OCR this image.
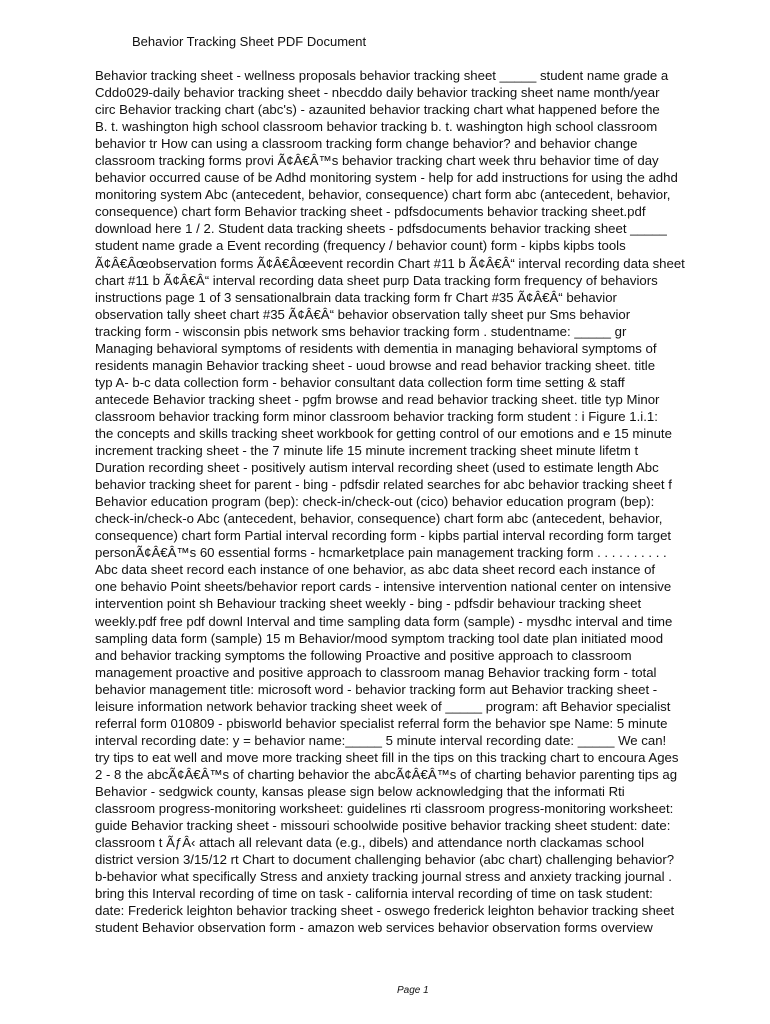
Behavior Tracking Sheet PDF Document
Behavior tracking sheet - wellness proposals behavior tracking sheet _____ student name grade a
Cddo029-daily behavior tracking sheet - nbecddo daily behavior tracking sheet name month/year
circ Behavior tracking chart (abc's) - azaunited behavior tracking chart what happened before the
B. t. washington high school classroom behavior tracking b. t. washington high school classroom
behavior tr How can using a classroom tracking form change behavior? and behavior change
classroom tracking forms provi Ã¢Â€Â™s behavior tracking chart week thru behavior time of day
behavior occurred cause of be Adhd monitoring system - help for add instructions for using the adhd
monitoring system Abc (antecedent, behavior, consequence) chart form abc (antecedent, behavior,
consequence) chart form Behavior tracking sheet - pdfsdocuments behavior tracking sheet.pdf
download here 1 / 2. Student data tracking sheets - pdfsdocuments behavior tracking sheet _____
student name grade a Event recording (frequency / behavior count) form - kipbs kipbs tools
Ã¢Â€Âœobservation forms Ã¢Â€Âœevent recordin Chart #11 b Ã¢Â€Â“ interval recording data sheet
chart #11 b Ã¢Â€Â“ interval recording data sheet purp Data tracking form frequency of behaviors
instructions page 1 of 3 sensationalbrain data tracking form fr Chart #35 Ã¢Â€Â“ behavior
observation tally sheet chart #35 Ã¢Â€Â“ behavior observation tally sheet pur Sms behavior
tracking form - wisconsin pbis network sms behavior tracking form . studentname: _____ gr
Managing behavioral symptoms of residents with dementia in managing behavioral symptoms of
residents managin Behavior tracking sheet - uoud browse and read behavior tracking sheet. title
typ A- b-c data collection form - behavior consultant data collection form time setting & staff
antecede Behavior tracking sheet - pgfm browse and read behavior tracking sheet. title typ Minor
classroom behavior tracking form minor classroom behavior tracking form student : i Figure 1.i.1:
the concepts and skills tracking sheet workbook for getting control of our emotions and e 15 minute
increment tracking sheet - the 7 minute life 15 minute increment tracking sheet minute lifetm t
Duration recording sheet - positively autism interval recording sheet (used to estimate length Abc
behavior tracking sheet for parent - bing - pdfsdir related searches for abc behavior tracking sheet f
Behavior education program (bep): check-in/check-out (cico) behavior education program (bep):
check-in/check-o Abc (antecedent, behavior, consequence) chart form abc (antecedent, behavior,
consequence) chart form Partial interval recording form - kipbs partial interval recording form target
personÃ¢Â€Â™s 60 essential forms - hcmarketplace pain management tracking form . . . . . . . . . .
Abc data sheet record each instance of one behavior, as abc data sheet record each instance of
one behavio Point sheets/behavior report cards - intensive intervention national center on intensive
intervention point sh Behaviour tracking sheet weekly - bing - pdfsdir behaviour tracking sheet
weekly.pdf free pdf downl Interval and time sampling data form (sample) - mysdhc interval and time
sampling data form (sample) 15 m Behavior/mood symptom tracking tool date plan initiated mood
and behavior tracking symptoms the following Proactive and positive approach to classroom
management proactive and positive approach to classroom manag Behavior tracking form - total
behavior management title: microsoft word - behavior tracking form aut Behavior tracking sheet -
leisure information network behavior tracking sheet week of _____ program: aft Behavior specialist
referral form 010809 - pbisworld behavior specialist referral form the behavior spe Name: 5 minute
interval recording date: y = behavior name:_____ 5 minute interval recording date: _____ We can!
try tips to eat well and move more tracking sheet fill in the tips on this tracking chart to encoura Ages
2 - 8 the abcÃ¢Â€Â™s of charting behavior the abcÃ¢Â€Â™s of charting behavior parenting tips ag
Behavior - sedgwick county, kansas please sign below acknowledging that the informati Rti
classroom progress-monitoring worksheet: guidelines rti classroom progress-monitoring worksheet:
guide Behavior tracking sheet - missouri schoolwide positive behavior tracking sheet student: date:
classroom t ÃƒÂ‹ attach all relevant data (e.g., dibels) and attendance north clackamas school
district version 3/15/12 rt Chart to document challenging behavior (abc chart) challenging behavior?
b-behavior what specifically Stress and anxiety tracking journal stress and anxiety tracking journal .
bring this Interval recording of time on task - california interval recording of time on task student:
date: Frederick leighton behavior tracking sheet - oswego frederick leighton behavior tracking sheet
student Behavior observation form - amazon web services behavior observation forms overview
Page 1
